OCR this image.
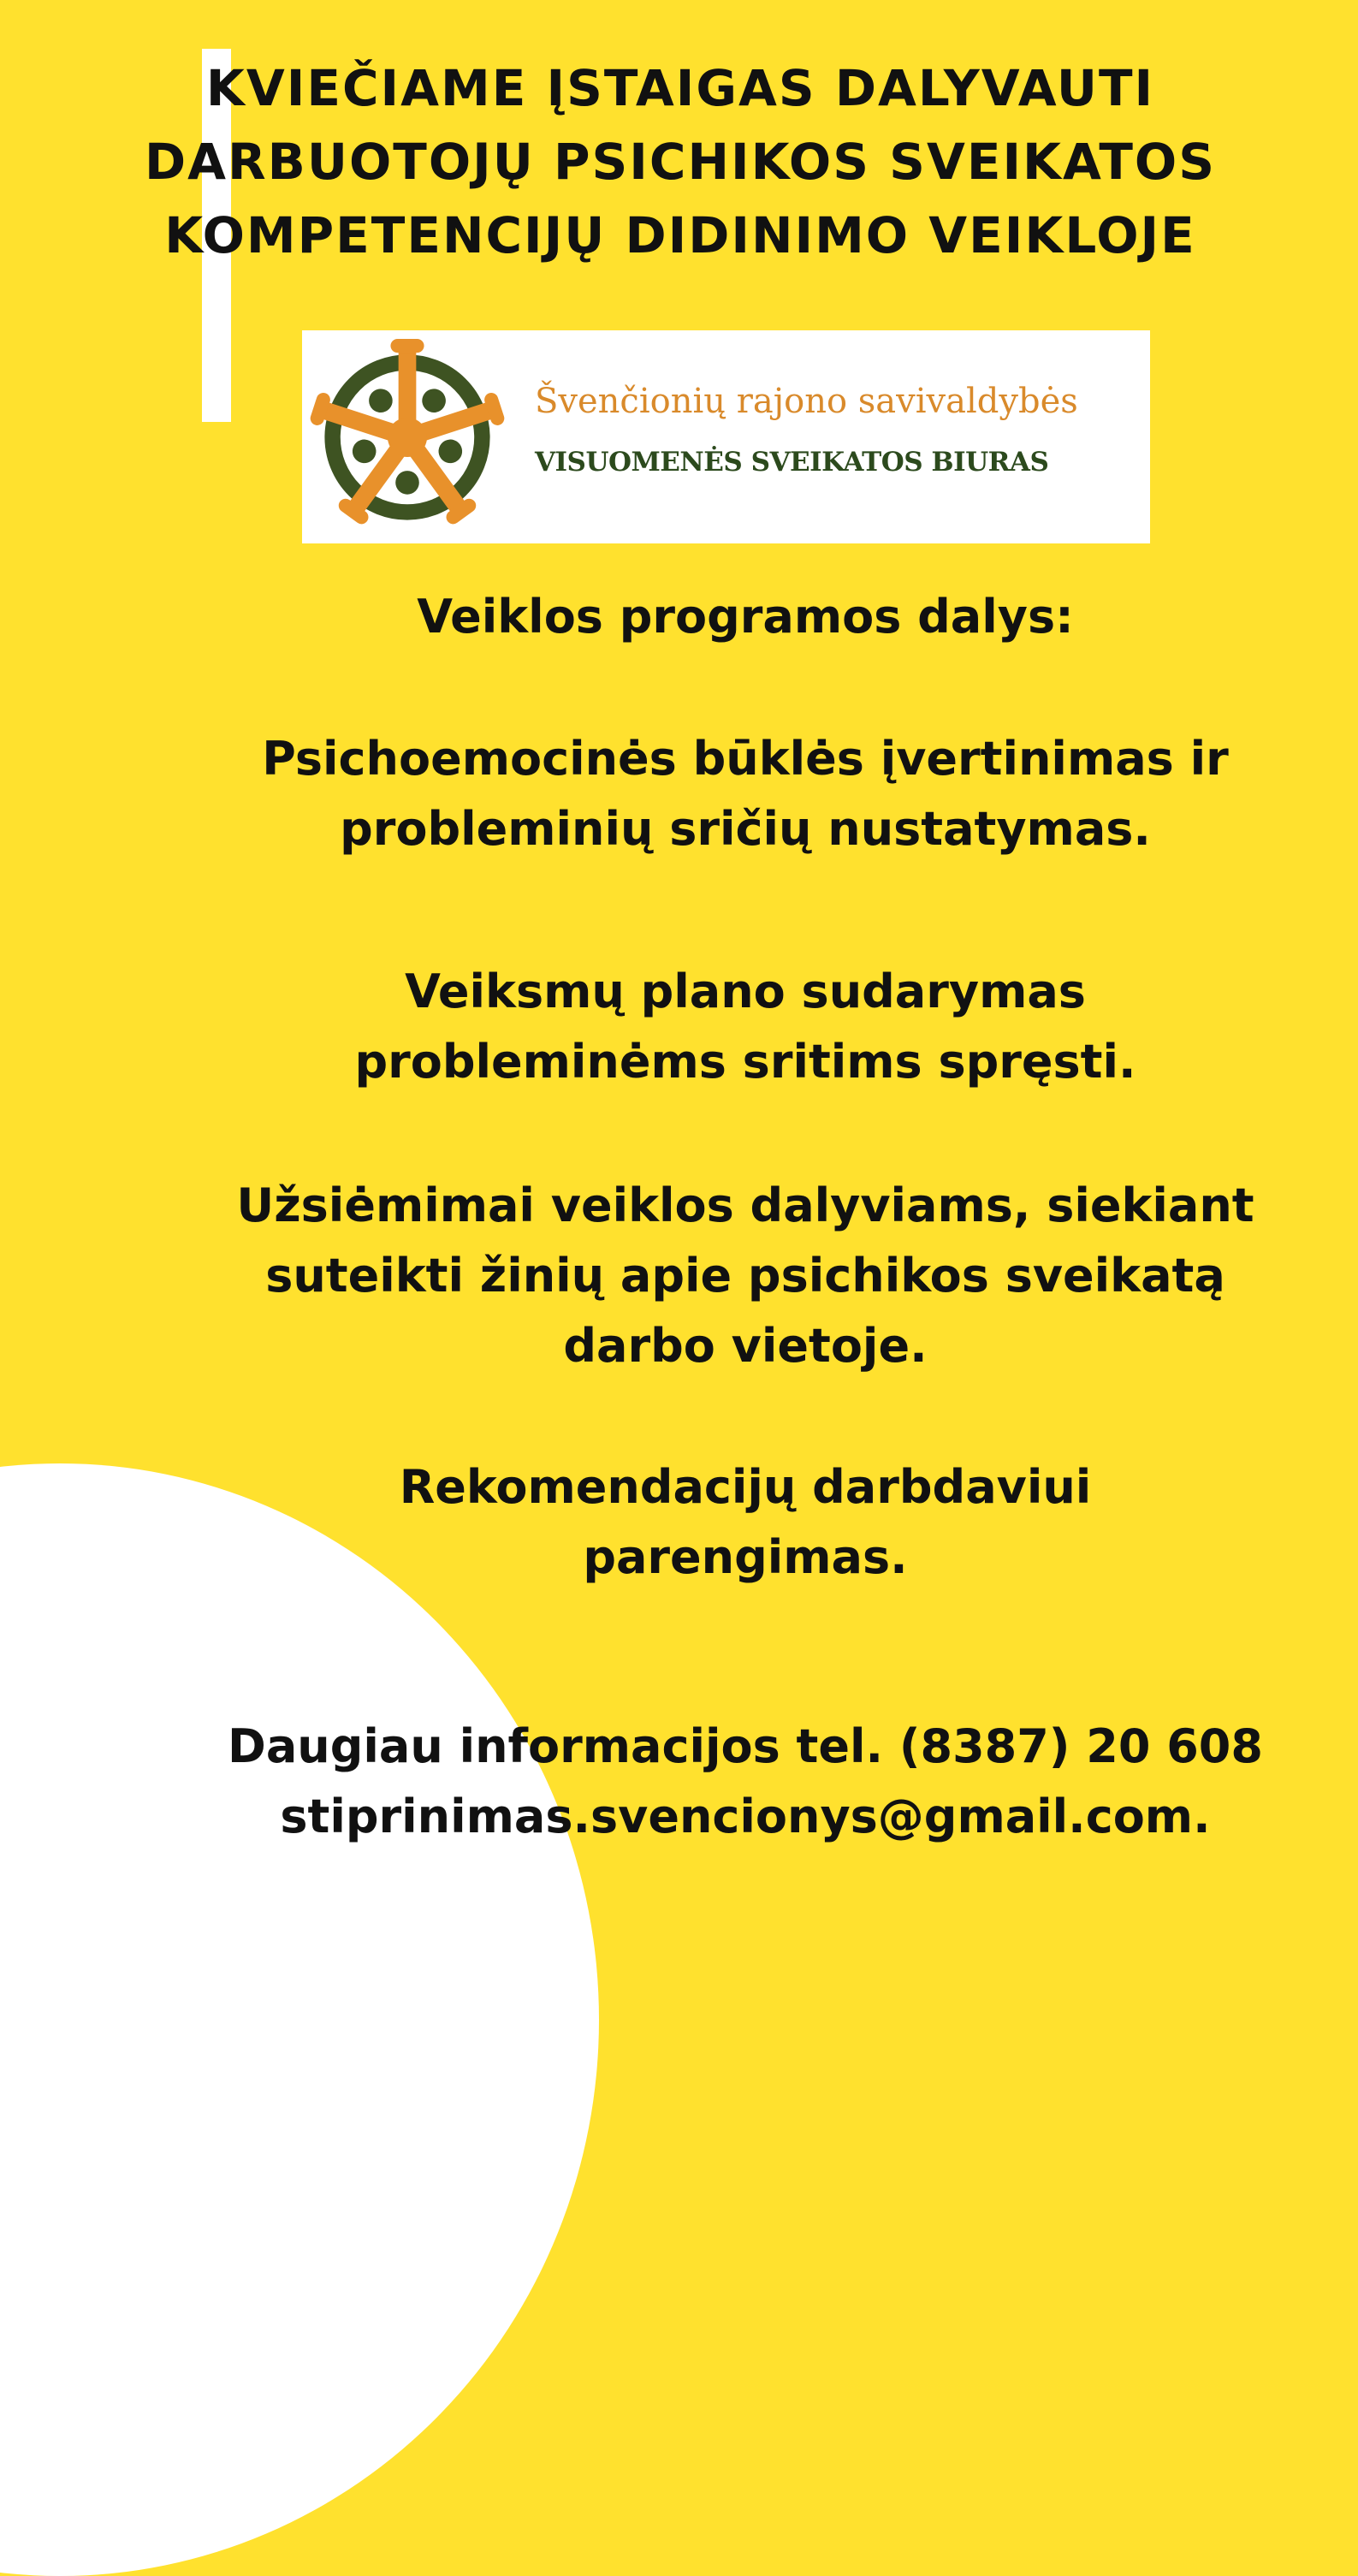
KVIEČIAME ĮSTAIGAS DALYVAUTI
DARBUOTOJŲ PSICHIKOS SVEIKATOS
KOMPETENCIJŲ DIDINIMO VEIKLOJE
Švenčionių rajono savivaldybės
VISUOMENĖS SVEIKATOS BIURAS

Veiklos programos dalys:

Psichoemocinės būklės įvertinimas ir
probleminių sričių nustatymas.

Veiksmų plano sudarymas
probleminėms sritims spręsti.

Užsiėmimai veiklos dalyviams, siekiant
suteikti žinių apie psichikos sveikatą
darbo vietoje.

Rekomendacijų darbdaviui
parengimas.

Daugiau informacijos tel. (8387) 20 608
stiprinimas.svencionys@gmail.com.
